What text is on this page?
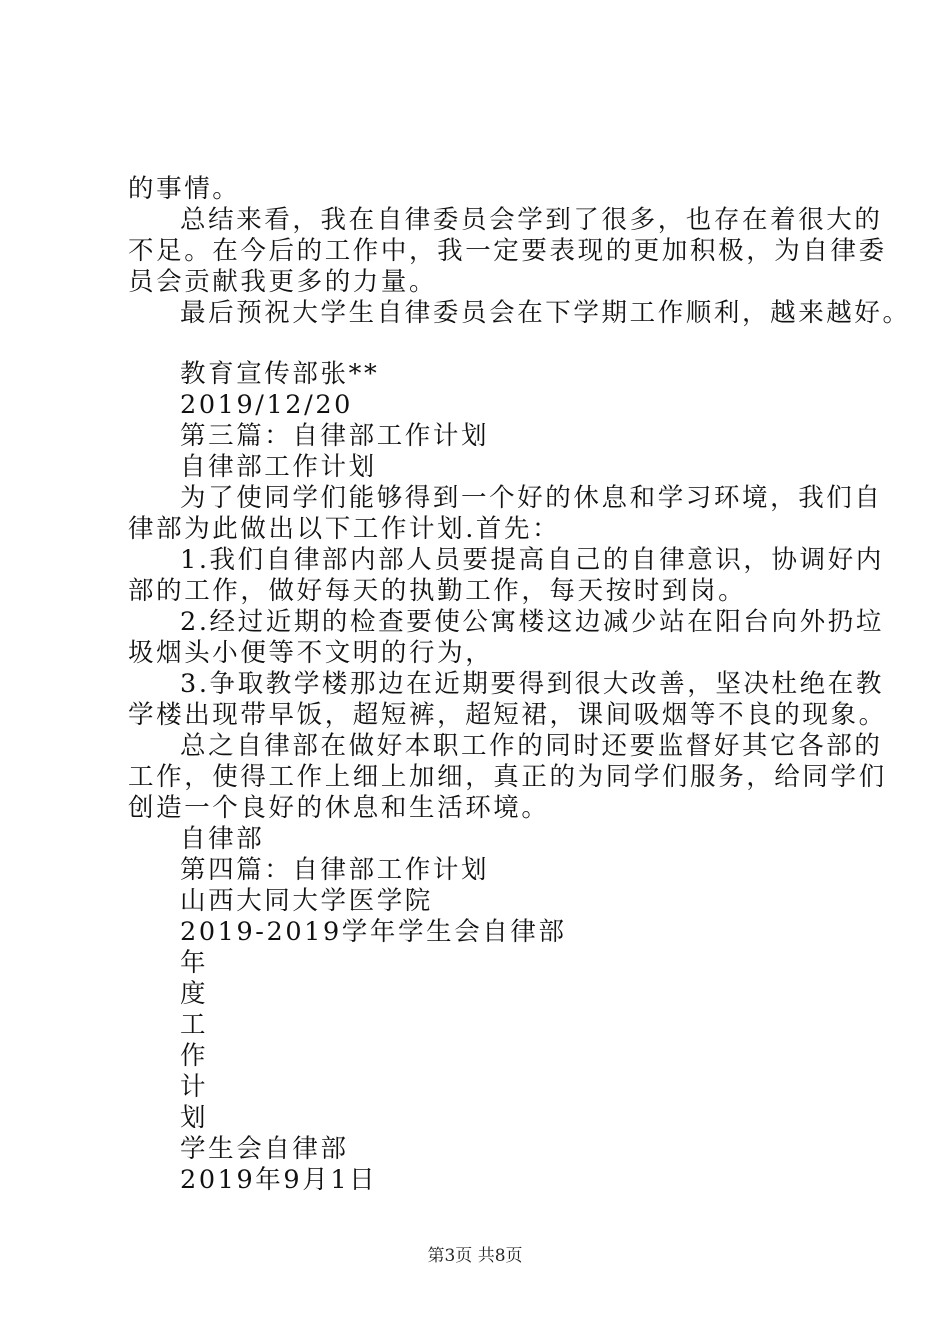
的事情。
总结来看，我在自律委员会学到了很多，也存在着很大的
不足。在今后的工作中，我一定要表现的更加积极，为自律委
员会贡献我更多的力量。
最后预祝大学生自律委员会在下学期工作顺利，越来越好。
教育宣传部张**
2019/12/20
第三篇：自律部工作计划
自律部工作计划
为了使同学们能够得到一个好的休息和学习环境，我们自
律部为此做出以下工作计划.首先：
1.我们自律部内部人员要提高自己的自律意识，协调好内
部的工作，做好每天的执勤工作，每天按时到岗。
2.经过近期的检查要使公寓楼这边减少站在阳台向外扔垃
圾烟头小便等不文明的行为，
3.争取教学楼那边在近期要得到很大改善，坚决杜绝在教
学楼出现带早饭，超短裤，超短裙，课间吸烟等不良的现象。
总之自律部在做好本职工作的同时还要监督好其它各部的
工作，使得工作上细上加细，真正的为同学们服务，给同学们
创造一个良好的休息和生活环境。
自律部
第四篇：自律部工作计划
山西大同大学医学院
2019-2019学年学生会自律部
年
度
工
作
计
划
学生会自律部
2019年9月1日
第3页 共8页
